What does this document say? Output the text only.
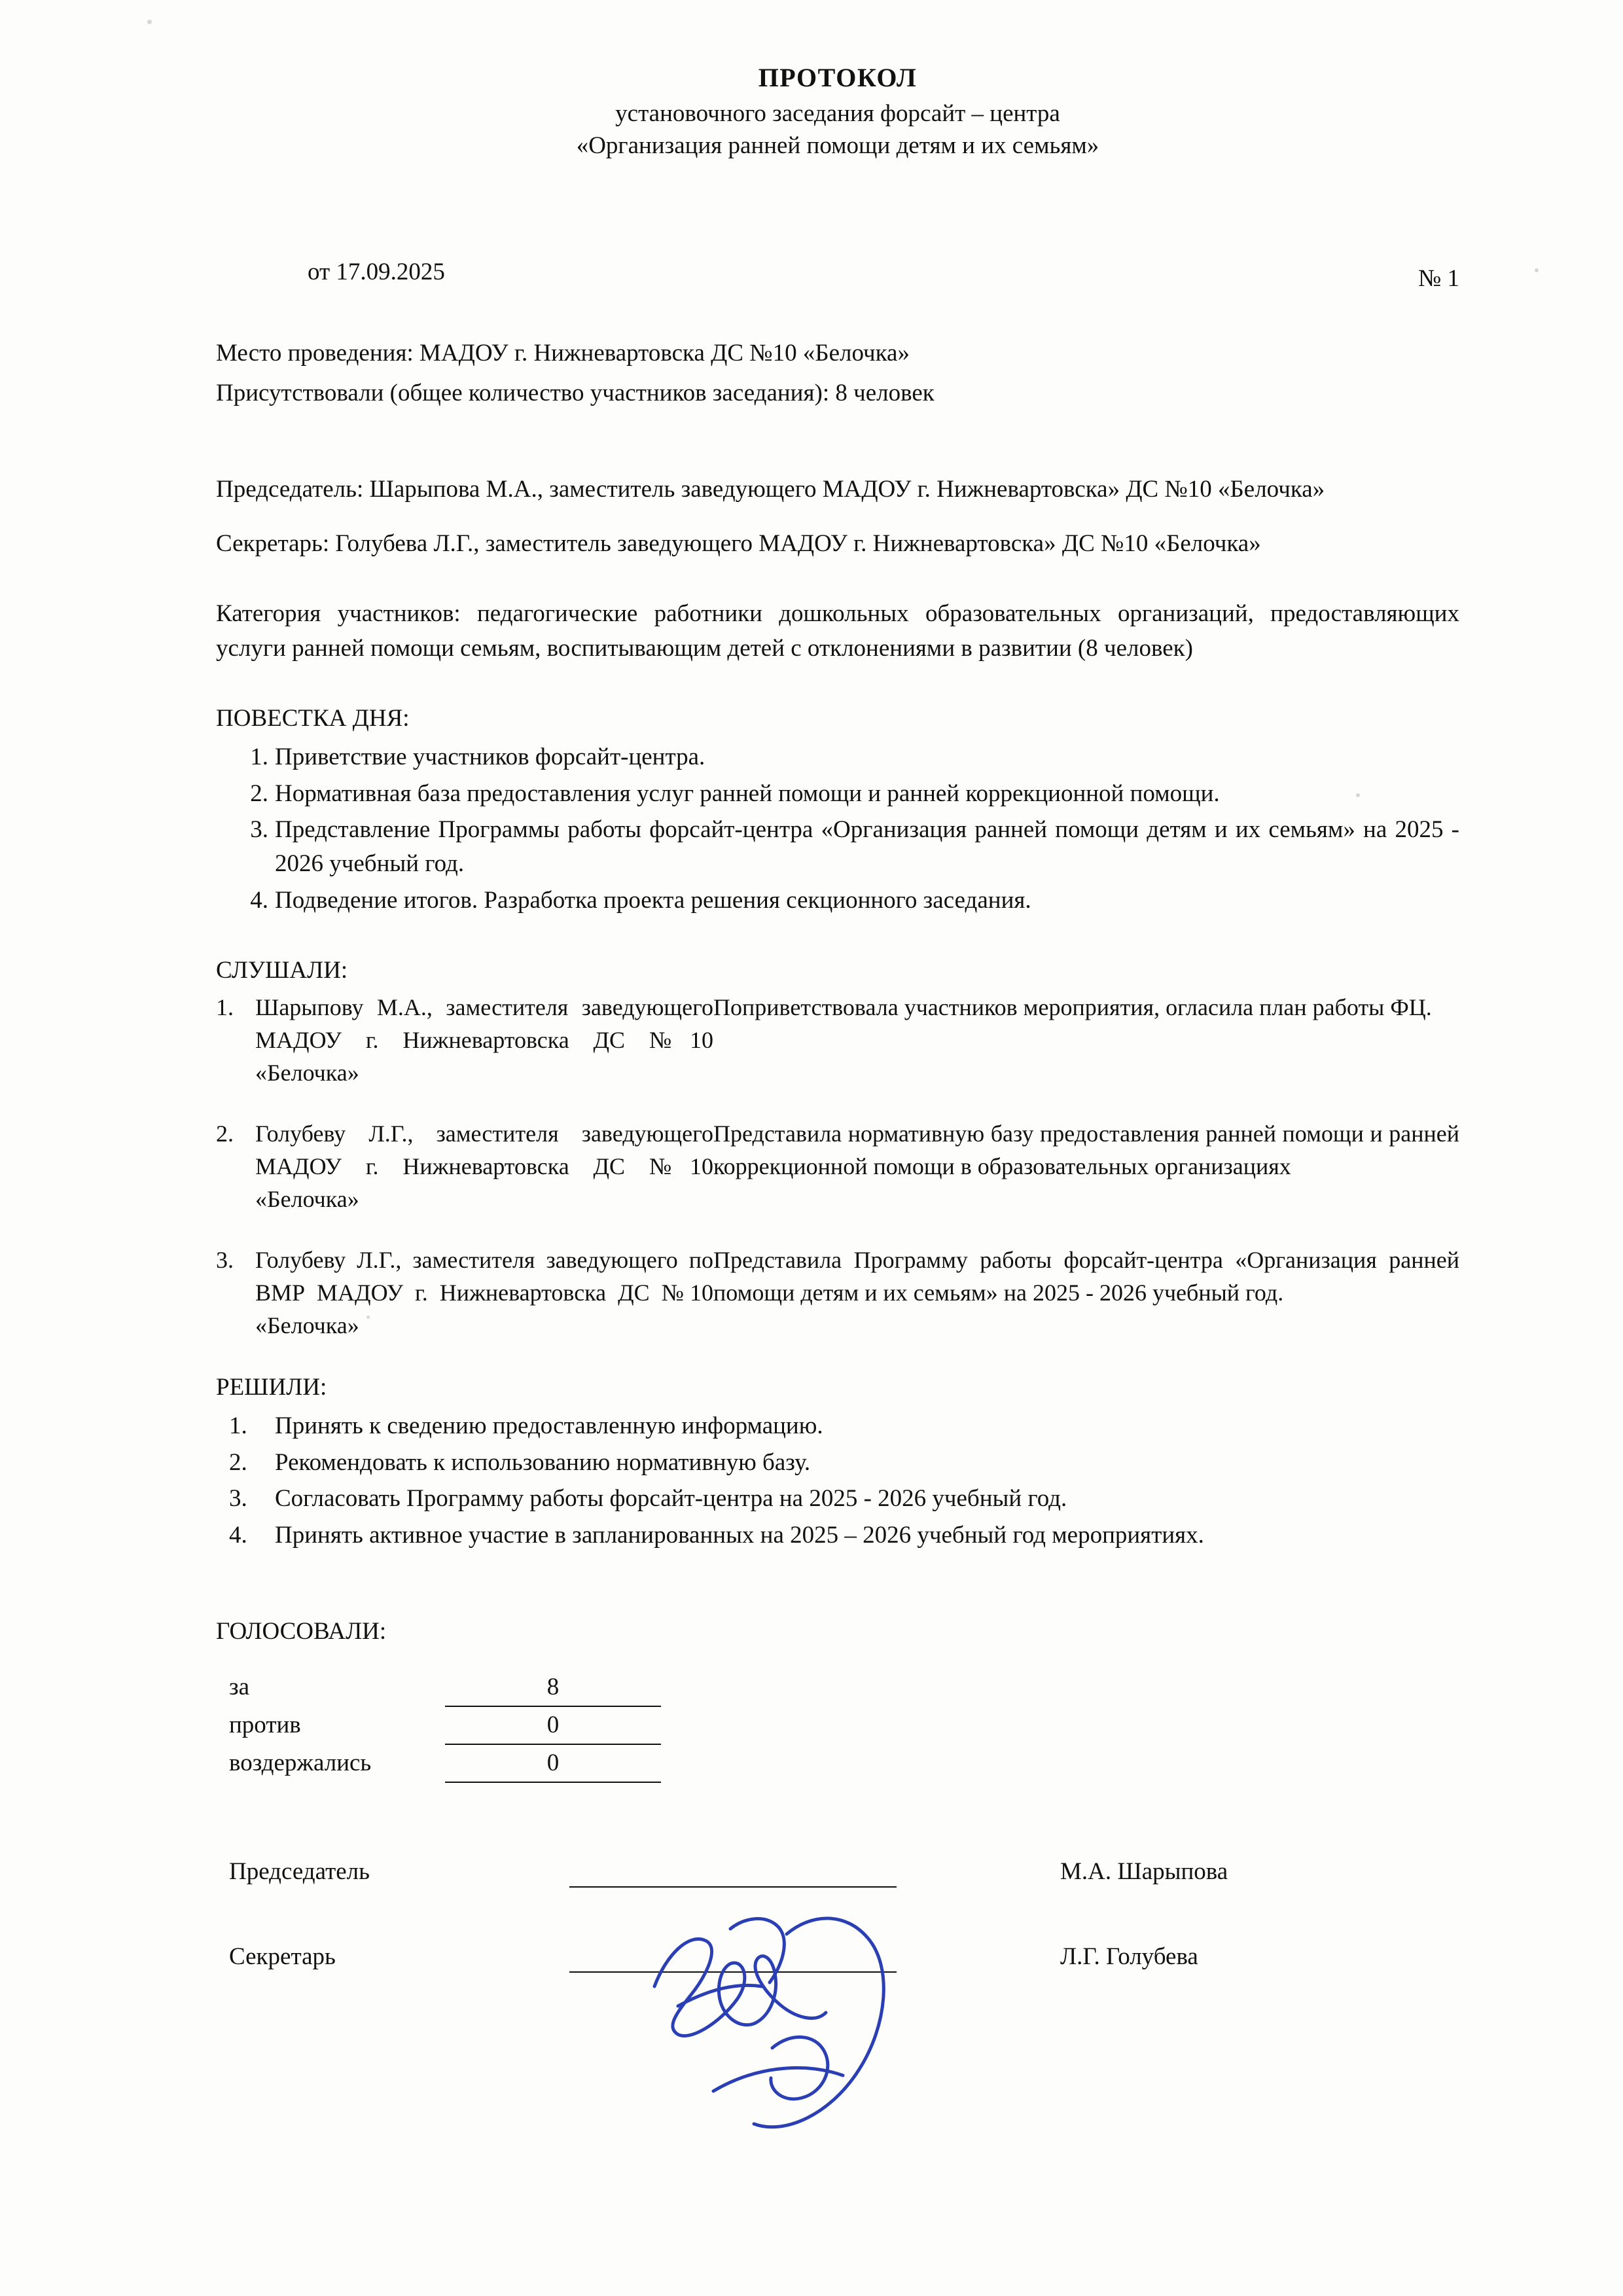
ПРОТОКОЛ
установочного заседания форсайт – центра
«Организация ранней помощи детям и их семьям»
от 17.09.2025	№ 1
Место проведения: МАДОУ г. Нижневартовска ДС №10 «Белочка»
Присутствовали (общее количество участников заседания): 8 человек
Председатель: Шарыпова М.А., заместитель заведующего МАДОУ г. Нижневартовска» ДС №10 «Белочка»
Секретарь: Голубева Л.Г., заместитель заведующего МАДОУ г. Нижневартовска» ДС №10 «Белочка»
Категория участников: педагогические работники дошкольных образовательных организаций, предоставляющих услуги ранней помощи семьям, воспитывающим детей с отклонениями в развитии (8 человек)
ПОВЕСТКА ДНЯ:
Приветствие участников форсайт-центра.
Нормативная база предоставления услуг ранней помощи и ранней коррекционной помощи.
Представление Программы работы форсайт-центра «Организация ранней помощи детям и их семьям» на 2025 - 2026 учебный год.
Подведение итогов. Разработка проекта решения секционного заседания.
СЛУШАЛИ:
1.	Шарыпову М.А., заместителя заведующего МАДОУ г. Нижневартовска ДС №10 «Белочка»	Поприветствовала участников мероприятия, огласила план работы ФЦ.
2.	Голубеву Л.Г., заместителя заведующего МАДОУ г. Нижневартовска ДС №10 «Белочка»	Представила нормативную базу предоставления ранней помощи и ранней коррекционной помощи в образовательных организациях
3.	Голубеву Л.Г., заместителя заведующего по ВМР МАДОУ г. Нижневартовска ДС №10 «Белочка»	Представила Программу работы форсайт-центра «Организация ранней помощи детям и их семьям» на 2025 - 2026 учебный год.
РЕШИЛИ:
Принять к сведению предоставленную информацию.
Рекомендовать к использованию нормативную базу.
Согласовать Программу работы форсайт-центра на 2025 - 2026 учебный год.
Принять активное участие в запланированных на 2025 – 2026 учебный год мероприятиях.
ГОЛОСОВАЛИ:
за	8
против	0
воздержались	0
Председатель	М.А. Шарыпова
Секретарь	Л.Г. Голубева
